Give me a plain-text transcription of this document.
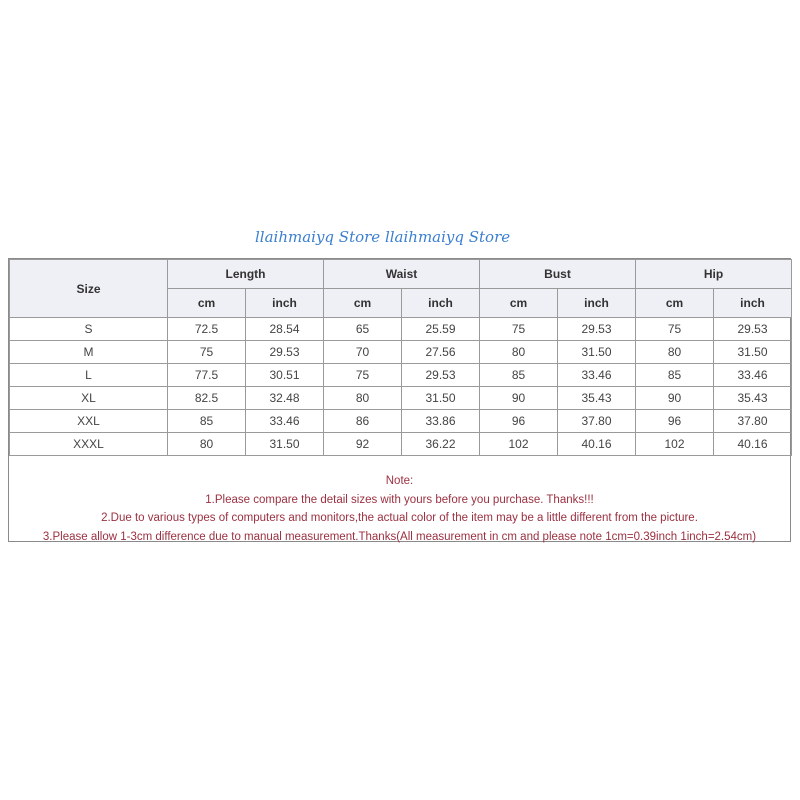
llaihmaiyq Store llaihmaiyq Store
Size	Length		Waist		Bust		Hip	
	cm	inch	cm	inch	cm	inch	cm	inch
S	72.5	28.54	65	25.59	75	29.53	75	29.53
M	75	29.53	70	27.56	80	31.50	80	31.50
L	77.5	30.51	75	29.53	85	33.46	85	33.46
XL	82.5	32.48	80	31.50	90	35.43	90	35.43
XXL	85	33.46	86	33.86	96	37.80	96	37.80
XXXL	80	31.50	92	36.22	102	40.16	102	40.16
Note:
1.Please compare the detail sizes with yours before you purchase. Thanks!!!
2.Due to various types of computers and monitors,the actual color of the item may be a little different from the picture.
3.Please allow 1-3cm difference due to manual measurement.Thanks(All measurement in cm and please note 1cm=0.39inch 1inch=2.54cm)
